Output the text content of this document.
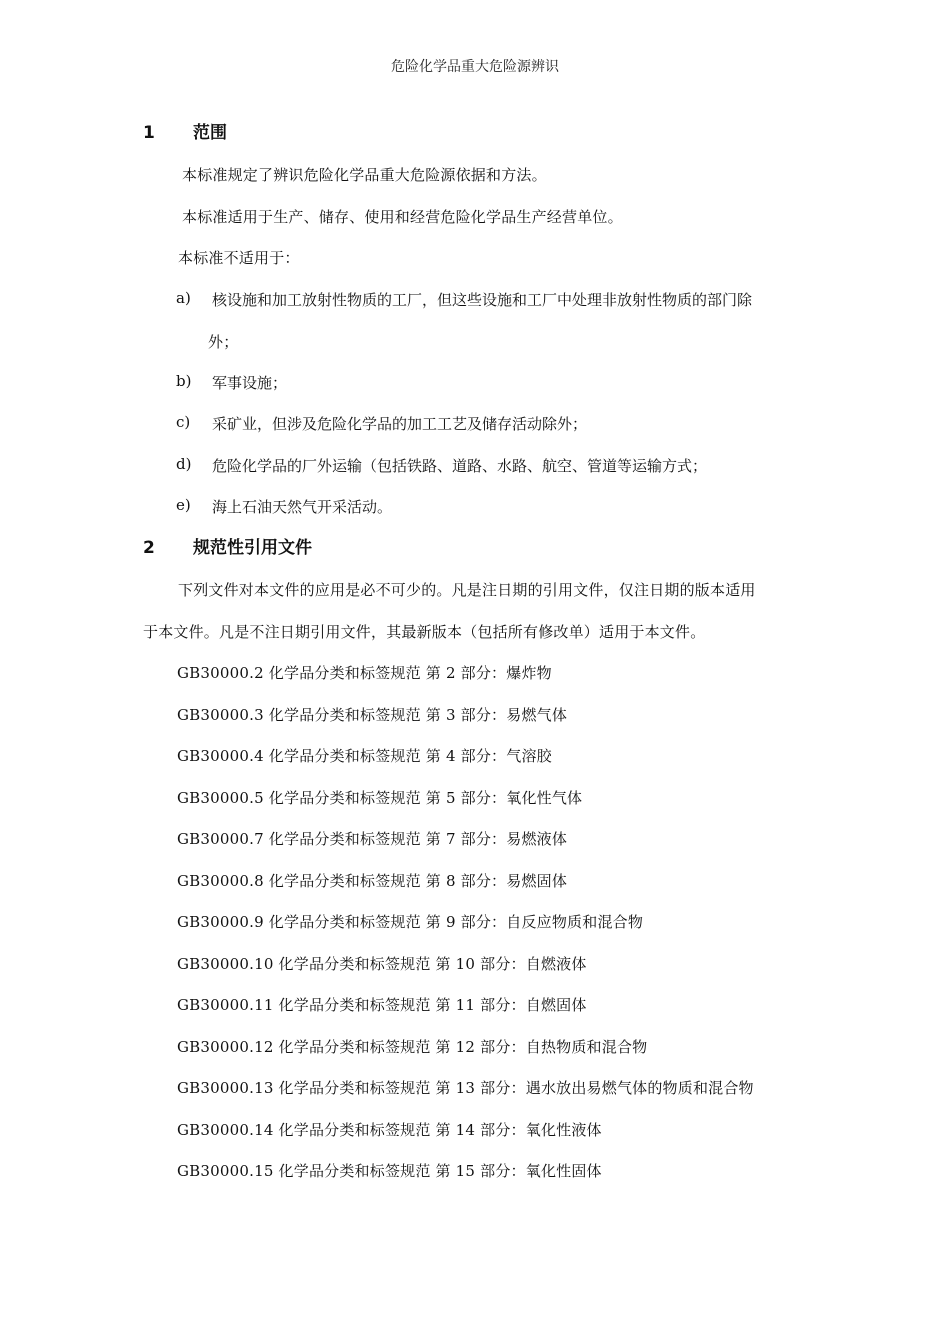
危险化学品重大危险源辨识
1	范围
本标准规定了辨识危险化学品重大危险源依据和方法。
本标准适用于生产、储存、使用和经营危险化学品生产经营单位。
本标准不适用于：
a)	核设施和加工放射性物质的工厂，但这些设施和工厂中处理非放射性物质的部门除
外；
b)	军事设施；
c)	采矿业，但涉及危险化学品的加工工艺及储存活动除外；
d)	危险化学品的厂外运输（包括铁路、道路、水路、航空、管道等运输方式；
e)	海上石油天然气开采活动。
2	规范性引用文件
下列文件对本文件的应用是必不可少的。凡是注日期的引用文件，仅注日期的版本适用
于本文件。凡是不注日期引用文件，其最新版本（包括所有修改单）适用于本文件。
GB30000.2 化学品分类和标签规范 第 2 部分：爆炸物
GB30000.3 化学品分类和标签规范 第 3 部分：易燃气体
GB30000.4 化学品分类和标签规范 第 4 部分：气溶胶
GB30000.5 化学品分类和标签规范 第 5 部分：氧化性气体
GB30000.7 化学品分类和标签规范 第 7 部分：易燃液体
GB30000.8 化学品分类和标签规范 第 8 部分：易燃固体
GB30000.9 化学品分类和标签规范 第 9 部分：自反应物质和混合物
GB30000.10 化学品分类和标签规范 第 10 部分：自燃液体
GB30000.11 化学品分类和标签规范 第 11 部分：自燃固体
GB30000.12 化学品分类和标签规范 第 12 部分：自热物质和混合物
GB30000.13 化学品分类和标签规范 第 13 部分：遇水放出易燃气体的物质和混合物
GB30000.14 化学品分类和标签规范 第 14 部分：氧化性液体
GB30000.15 化学品分类和标签规范 第 15 部分：氧化性固体
